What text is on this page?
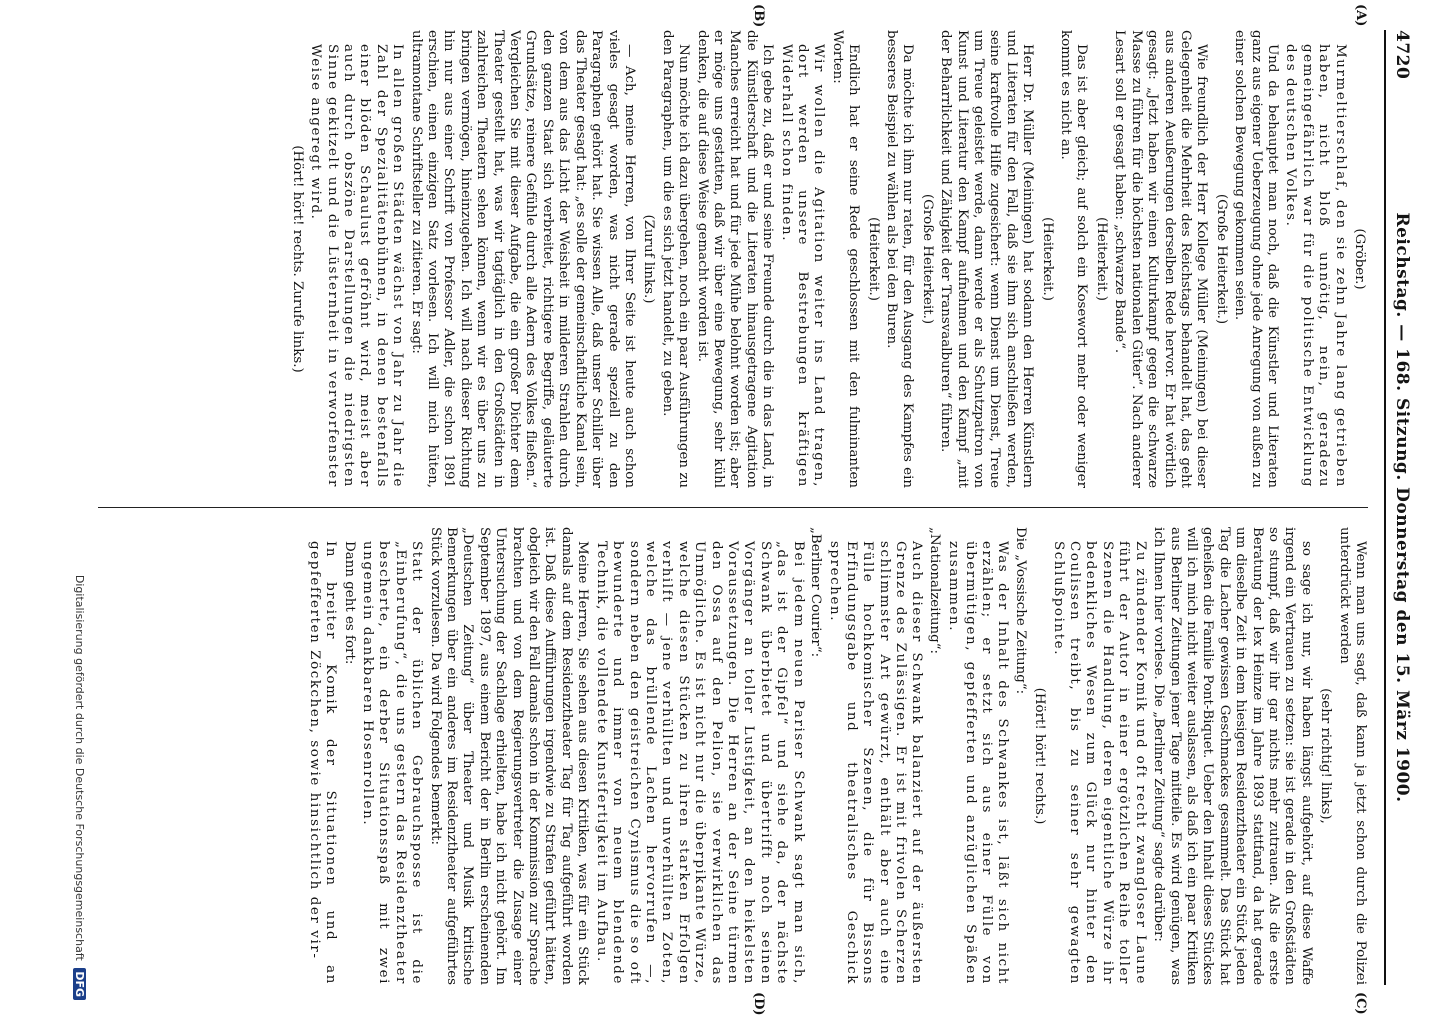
4720
Reichstag. — 168. Sitzung. Donnerstag den 15. März 1900.

(Gröber.)

Murmeltierschlaf, den sie zehn Jahre lang getrieben haben, nicht bloß unnötig, nein, geradezu gemeingefährlich war für die politische Entwicklung des deutschen Volkes.

Und da behauptet man noch, daß die Künstler und Literaten ganz aus eigener Ueberzeugung ohne jede Anregung von außen zu einer solchen Bewegung gekommen seien.

(Große Heiterkeit.)

Wie freundlich der Herr Kollege Müller (Meiningen) bei dieser Gelegenheit die Mehrheit des Reichstags behandelt hat, das geht aus anderen Aeußerungen derselben Rede hervor. Er hat wörtlich gesagt: „Jetzt haben wir einen Kulturkampf gegen die schwarze Masse zu führen für die höchsten nationalen Güter“. Nach anderer Lesart soll er gesagt haben: „schwarze Bande“.

(Heiterkeit.)

Das ist aber gleich; auf solch ein Kosewort mehr oder weniger kommt es nicht an.

(Heiterkeit.)

Herr Dr. Müller (Meiningen) hat sodann den Herren Künstlern und Literaten für den Fall, daß sie ihm sich anschließen werden, seine kraftvolle Hilfe zugesichert: wenn Dienst um Dienst, Treue um Treue geleistet werde, dann werde er als Schutzpatron von Kunst und Literatur den Kampf aufnehmen und den Kampf „mit der Beharrlichkeit und Zähigkeit der Transvaalburen“ führen.

(Große Heiterkeit.)

Da möchte ich ihm nur raten, für den Ausgang des Kampfes ein besseres Beispiel zu wählen als bei den Buren.

(Heiterkeit.)

Endlich hat er seine Rede geschlossen mit den fulminanten Worten:

Wir wollen die Agitation weiter ins Land tragen, dort werden unsere Bestrebungen kräftigen Widerhall schon finden.

Ich gebe zu, daß er und seine Freunde durch die in das Land, in die Künstlerschaft und die Literaten hinausgetragene Agitation Manches erreicht hat und für jede Mühe belohnt worden ist; aber er möge uns gestatten, daß wir über eine Bewegung, sehr kühl denken, die auf diese Weise gemacht worden ist.

Nun möchte ich dazu übergehen, noch ein paar Ausführungen zu den Paragraphen, um die es sich jetzt handelt, zu geben.

(Zuruf links.)

— Ach, meine Herren, von Ihrer Seite ist heute auch schon vieles gesagt worden, was nicht gerade speziell zu den Paragraphen gehört hat. Sie wissen Alle, daß unser Schiller über das Theater gesagt hat: „es solle der gemeinschaftliche Kanal sein, von dem aus das Licht der Weisheit in milderen Strahlen durch den ganzen Staat sich verbreitet, richtigere Begriffe, geläuterte Grundsätze, reinere Gefühle durch alle Adern des Volkes fließen.“ Vergleichen Sie mit dieser Aufgabe, die ein großer Dichter dem Theater gestellt hat, was wir tagtäglich in den Großstädten in zahlreichen Theatern sehen können, wenn wir es über uns zu bringen vermögen, hineinzugehen. Ich will nach dieser Richtung hin nur aus einer Schrift von Professor Adler, die schon 1891 erschien, einen einzigen Satz vorlesen. Ich will mich hüten, ultramontane Schriftsteller zu zitieren. Er sagt:

In allen großen Städten wächst von Jahr zu Jahr die Zahl der Spezialitätenbühnen, in denen bestenfalls einer blöden Schaulust gefröhnt wird, meist aber auch durch obszöne Darstellungen die niedrigsten Sinne gekitzelt und die Lüsternheit in verworfenster Weise angeregt wird.

(Hört! hört! rechts. Zurufe links.)

Wenn man uns sagt, daß kann ja jetzt schon durch die Polizei unterdrückt werden

(sehr richtig! links),

so sage ich nur, wir haben längst aufgehört, auf diese Waffe irgend ein Vertrauen zu setzen: sie ist gerade in den Großstädten so stumpf, daß wir ihr gar nichts mehr zutrauen. Als die erste Beratung der lex Heinze im Jahre 1893 stattfand, da hat gerade um dieselbe Zeit in dem hiesigen Residenztheater ein Stück jeden Tag die Lacher gewissen Geschmackes gesammelt. Das Stück hat geheißen die Familie Pont-Biquet. Ueber den Inhalt dieses Stückes will ich mich nicht weiter auslassen, als daß ich ein paar Kritiken aus Berliner Zeitungen jener Tage mitteile. Es wird genügen, was ich Ihnen hier vorlese. Die „Berliner Zeitung“ sagte darüber:

Zu zündender Komik und oft recht zwangloser Laune führt der Autor in einer ergötzlichen Reihe toller Szenen die Handlung, deren eigentliche Würze ihr bedenkliches Wesen zum Glück nur hinter den Coulissen treibt, bis zu seiner sehr gewagten Schlußpointe.

(Hört! hört! rechts.)

Die „Vossische Zeitung“:

Was der Inhalt des Schwankes ist, läßt sich nicht erzählen; er setzt sich aus einer Fülle von übermütigen, gepfefferten und anzüglichen Späßen zusammen.

„Nationalzeitung“:

Auch dieser Schwank balanziert auf der äußersten Grenze des Zulässigen. Er ist mit frivolen Scherzen schlimmster Art gewürzt, enthält aber auch eine Fülle hochkomischer Szenen, die für Bissons Erfindungsgabe und theatralisches Geschick sprechen.

„Berliner Courier“:

Bei jedem neuen Pariser Schwank sagt man sich, „das ist der Gipfel“ und siehe da, der nächste Schwank überbietet und übertrifft noch seinen Vorgänger an toller Lustigkeit, an den heikelsten Voraussetzungen. Die Herren an der Seine türmen den Ossa auf den Pelion, sie verwirklichen das Unmögliche. Es ist nicht nur die überpikante Würze, welche diesen Stücken zu ihren starken Erfolgen verhilft — jene verhüllten und unverhüllten Zoten, welche das brüllende Lachen hervorrufen —, sondern neben den geistreichen Cynismus die so oft bewunderte und immer von neuem blendende Technik, die vollendete Kunstfertigkeit im Aufbau.

Meine Herren, Sie sehen aus diesen Kritiken, was für ein Stück damals auf dem Residenztheater Tag für Tag aufgeführt worden ist. Daß diese Aufführungen irgendwie zu Strafen geführt hätten, obgleich wir den Fall damals schon in der Kommission zur Sprache brachten und von dem Regierungsvertreter die Zusage einer Untersuchung der Sachlage erhielten, habe ich nicht gehört. Im September 1897, aus einem Bericht der in Berlin erscheinenden „Deutschen Zeitung“ über Theater und Musik kritische Bemerkungen über ein anderes im Residenztheater aufgeführtes Stück vorzulesen. Da wird Folgendes bemerkt:

Statt der üblichen Gebrauchsposse ist die „Einberufung“, die uns gestern das Residenztheater bescherte, ein derber Situationsspaß mit zwei ungemein dankbaren Hosenrollen.

Dann geht es fort:

In breiter Komik der Situationen und an gepfefferten Zöckchen, sowie hinsichtlich der vir-

(A)
(B)
(C)
(D)
Digitalisierung gefördert durch die Deutsche Forschungsgemeinschaft DFG
